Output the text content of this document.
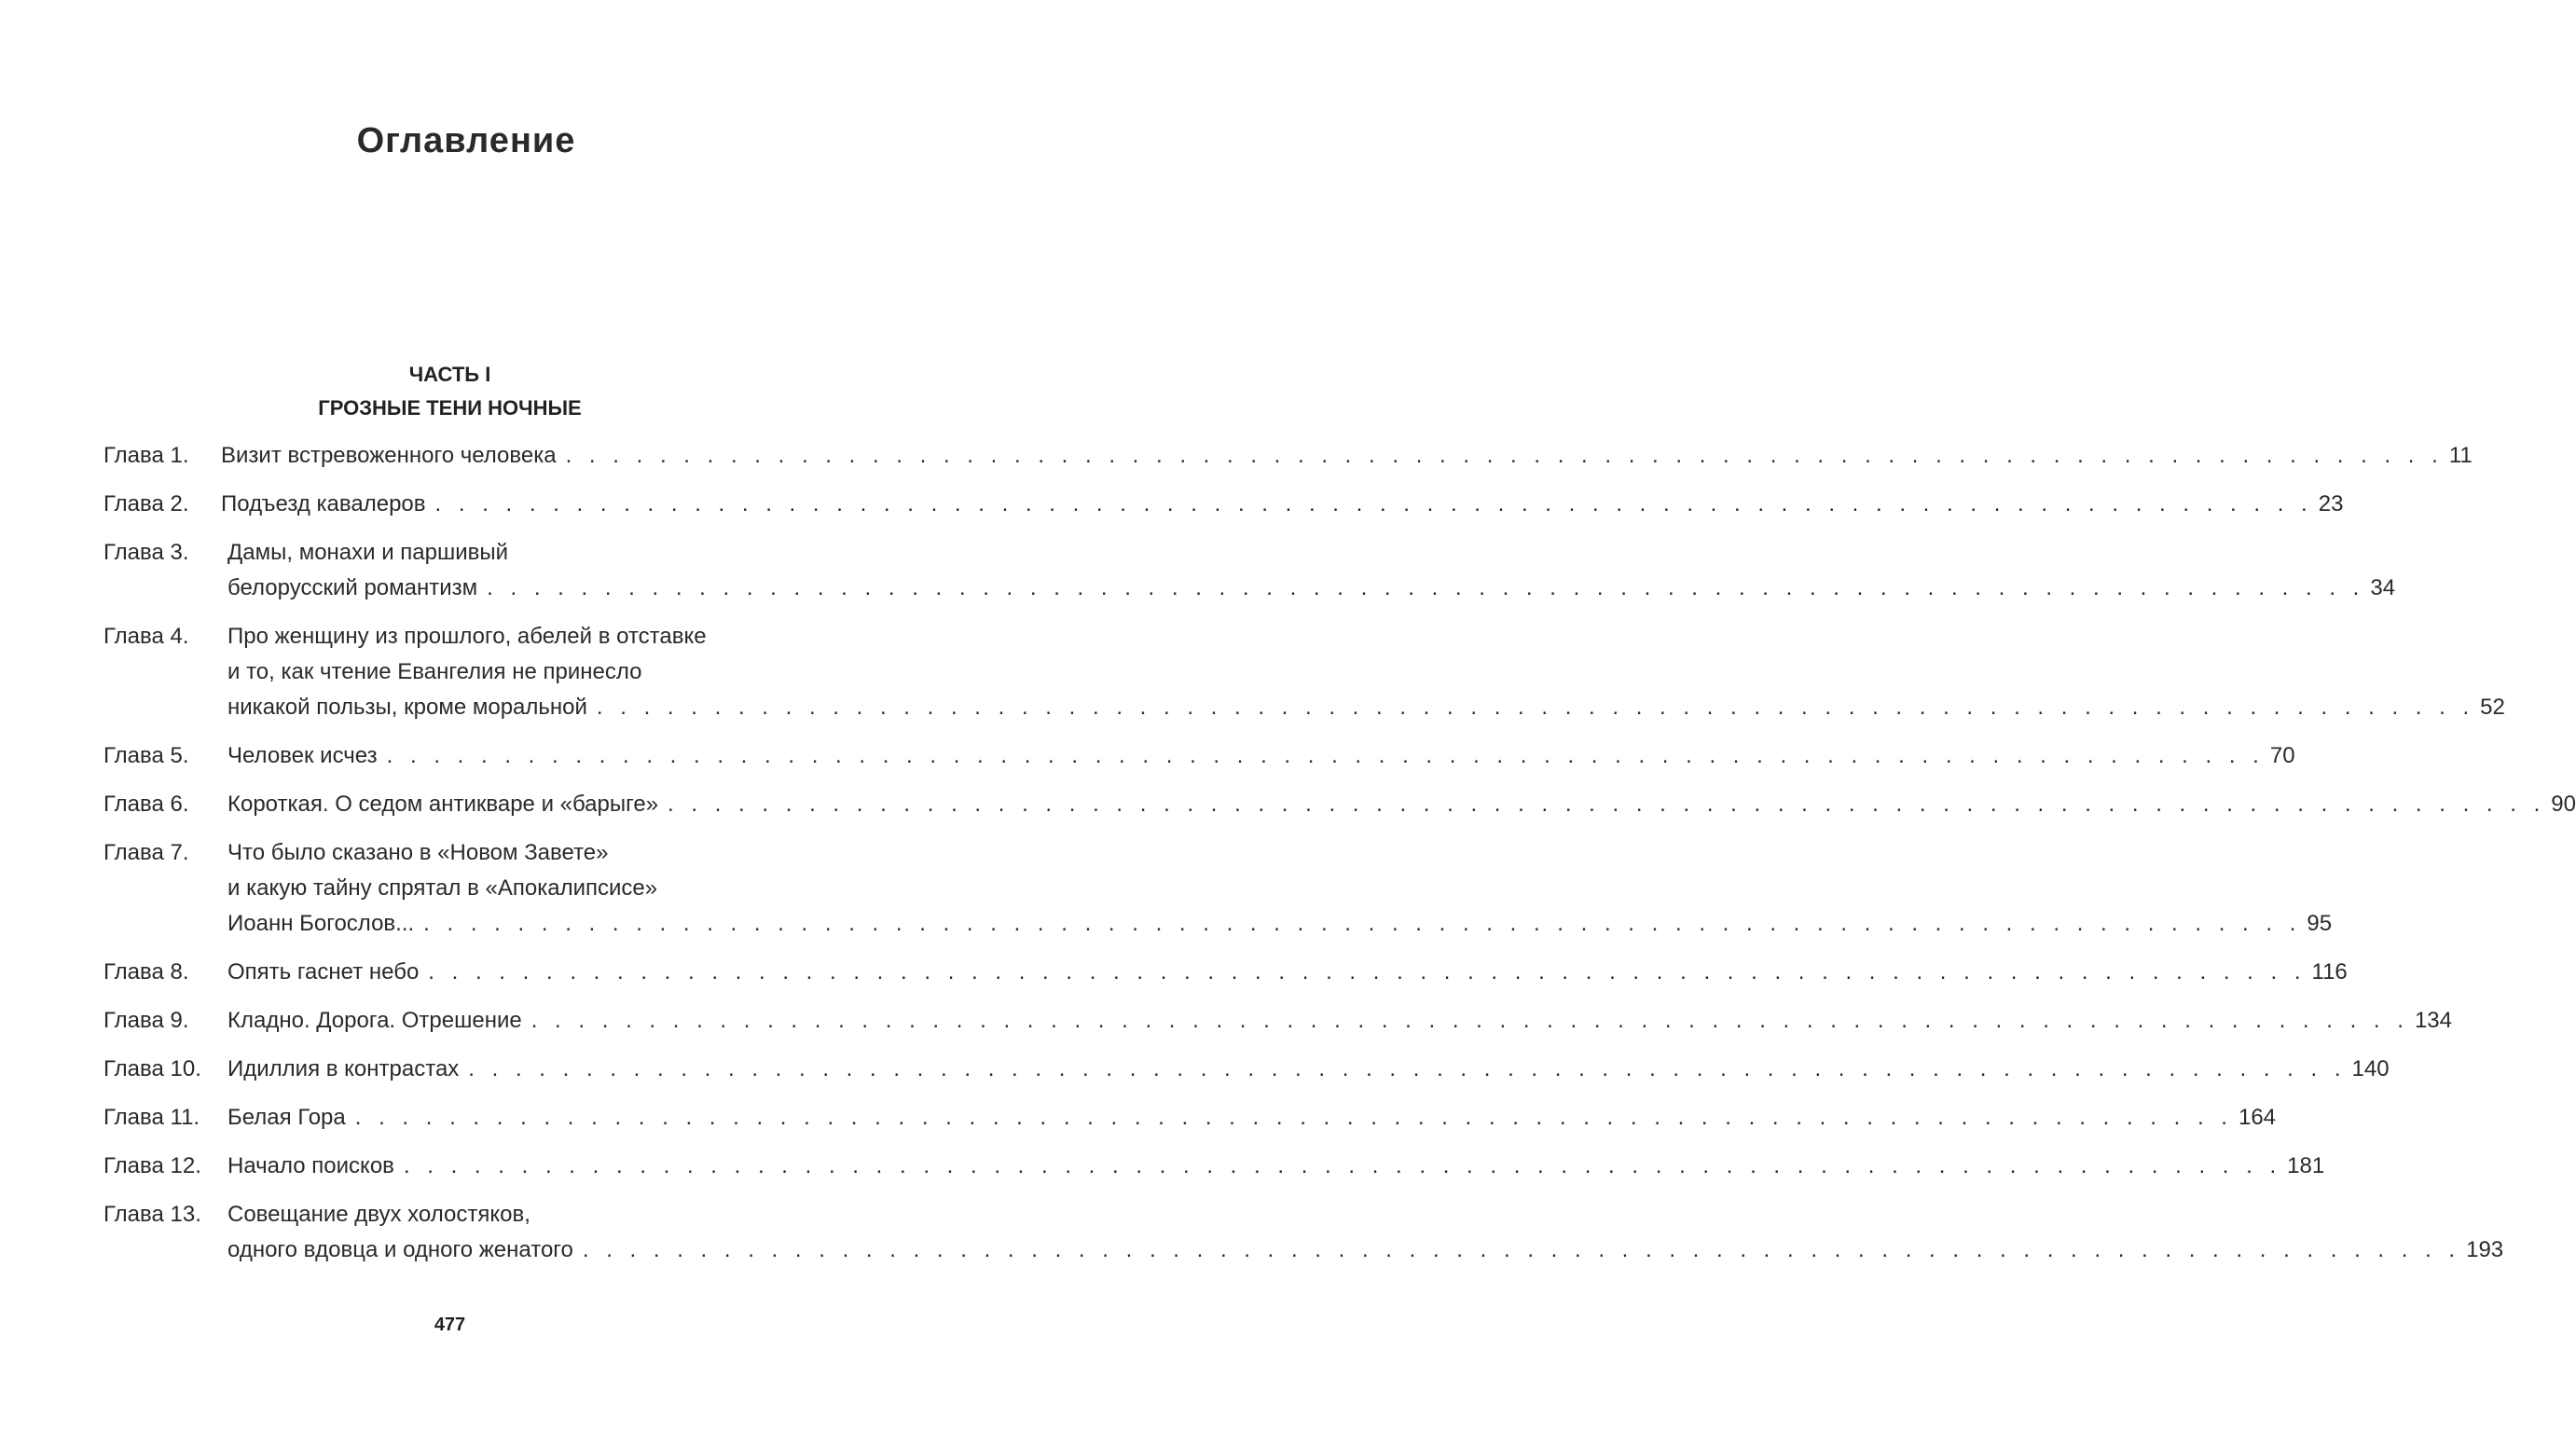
Оглавление
ЧАСТЬ I
ГРОЗНЫЕ ТЕНИ НОЧНЫЕ
Глава 1.	Визит встревоженного человека . . . . . . . . . . . . . . . . . . . . . . . . . . . . . . . . . . . . . . . . . . . . . . . . . . . . . . . . . . . . . . . . . . . . . . . . . . . . . . . . 11
Глава 2.	Подъезд кавалеров . . . . . . . . . . . . . . . . . . . . . . . . . . . . . . . . . . . . . . . . . . . . . . . . . . . . . . . . . . . . . . . . . . . . . . . . . . . . . . . . 23
Глава 3.	Дамы, монахи и паршивый
белорусский романтизм . . . . . . . . . . . . . . . . . . . . . . . . . . . . . . . . . . . . . . . . . . . . . . . . . . . . . . . . . . . . . . . . . . . . . . . . . . . . . . . . 34
Глава 4.	Про женщину из прошлого, абелей в отставке
и то, как чтение Евангелия не принесло
никакой пользы, кроме моральной . . . . . . . . . . . . . . . . . . . . . . . . . . . . . . . . . . . . . . . . . . . . . . . . . . . . . . . . . . . . . . . . . . . . . . . . . . . . . . . . 52
Глава 5.	Человек исчез . . . . . . . . . . . . . . . . . . . . . . . . . . . . . . . . . . . . . . . . . . . . . . . . . . . . . . . . . . . . . . . . . . . . . . . . . . . . . . . . 70
Глава 6.	Короткая. О седом антикваре и «барыге» . . . . . . . . . . . . . . . . . . . . . . . . . . . . . . . . . . . . . . . . . . . . . . . . . . . . . . . . . . . . . . . . . . . . . . . . . . . . . . . . 90
Глава 7.	Что было сказано в «Новом Завете»
и какую тайну спрятал в «Апокалипсисе»
Иоанн Богослов... . . . . . . . . . . . . . . . . . . . . . . . . . . . . . . . . . . . . . . . . . . . . . . . . . . . . . . . . . . . . . . . . . . . . . . . . . . . . . . . . 95
Глава 8.	Опять гаснет небо . . . . . . . . . . . . . . . . . . . . . . . . . . . . . . . . . . . . . . . . . . . . . . . . . . . . . . . . . . . . . . . . . . . . . . . . . . . . . . . . 116
Глава 9.	Кладно. Дорога. Отрешение . . . . . . . . . . . . . . . . . . . . . . . . . . . . . . . . . . . . . . . . . . . . . . . . . . . . . . . . . . . . . . . . . . . . . . . . . . . . . . . . 134
Глава 10.	Идиллия в контрастах . . . . . . . . . . . . . . . . . . . . . . . . . . . . . . . . . . . . . . . . . . . . . . . . . . . . . . . . . . . . . . . . . . . . . . . . . . . . . . . . 140
Глава 11.	Белая Гора . . . . . . . . . . . . . . . . . . . . . . . . . . . . . . . . . . . . . . . . . . . . . . . . . . . . . . . . . . . . . . . . . . . . . . . . . . . . . . . . 164
Глава 12.	Начало поисков . . . . . . . . . . . . . . . . . . . . . . . . . . . . . . . . . . . . . . . . . . . . . . . . . . . . . . . . . . . . . . . . . . . . . . . . . . . . . . . . 181
Глава 13.	Совещание двух холостяков,
одного вдовца и одного женатого . . . . . . . . . . . . . . . . . . . . . . . . . . . . . . . . . . . . . . . . . . . . . . . . . . . . . . . . . . . . . . . . . . . . . . . . . . . . . . . . 193
477
